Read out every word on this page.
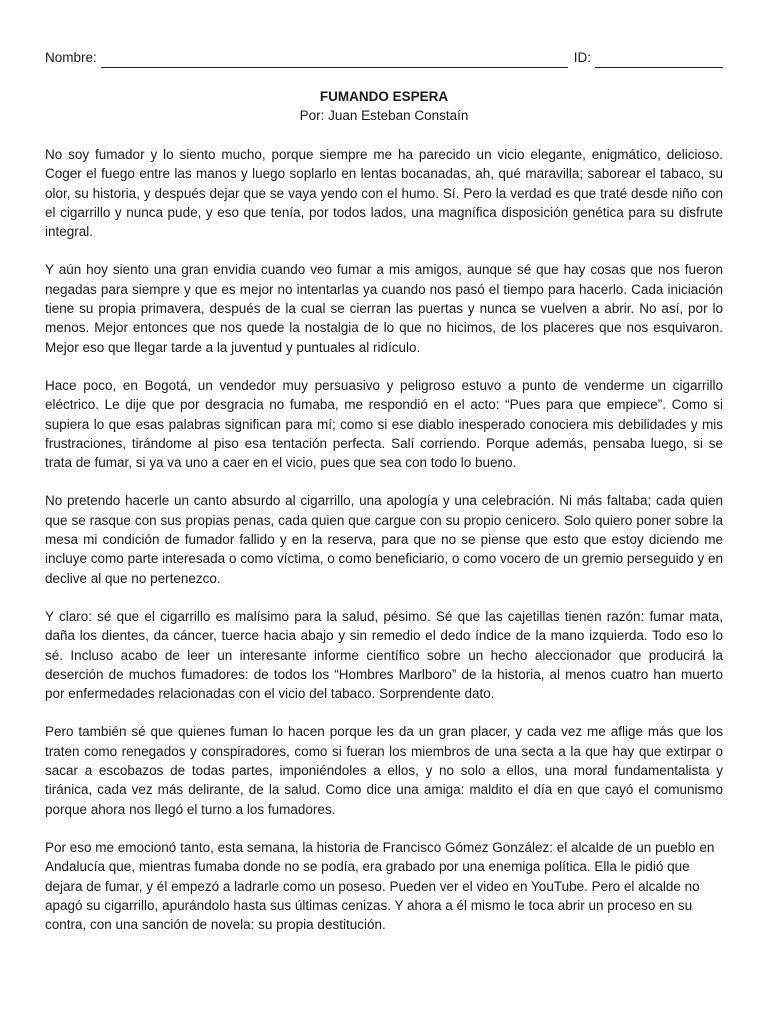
Nombre:	ID:

FUMANDO ESPERA

Por: Juan Esteban Constaín

No soy fumador y lo siento mucho, porque siempre me ha parecido un vicio elegante, enigmático, delicioso. Coger el fuego entre las manos y luego soplarlo en lentas bocanadas, ah, qué maravilla; saborear el tabaco, su olor, su historia, y después dejar que se vaya yendo con el humo. Sí. Pero la verdad es que traté desde niño con el cigarrillo y nunca pude, y eso que tenía, por todos lados, una magnífica disposición genética para su disfrute integral.

Y aún hoy siento una gran envidia cuando veo fumar a mis amigos, aunque sé que hay cosas que nos fueron negadas para siempre y que es mejor no intentarlas ya cuando nos pasó el tiempo para hacerlo. Cada iniciación tiene su propia primavera, después de la cual se cierran las puertas y nunca se vuelven a abrir. No así, por lo menos. Mejor entonces que nos quede la nostalgia de lo que no hicimos, de los placeres que nos esquivaron. Mejor eso que llegar tarde a la juventud y puntuales al ridículo.

Hace poco, en Bogotá, un vendedor muy persuasivo y peligroso estuvo a punto de venderme un cigarrillo eléctrico. Le dije que por desgracia no fumaba, me respondió en el acto: “Pues para que empiece”. Como si supiera lo que esas palabras significan para mí; como si ese diablo inesperado conociera mis debilidades y mis frustraciones, tirándome al piso esa tentación perfecta. Salí corriendo. Porque además, pensaba luego, si se trata de fumar, si ya va uno a caer en el vicio, pues que sea con todo lo bueno.

No pretendo hacerle un canto absurdo al cigarrillo, una apología y una celebración. Ni más faltaba; cada quien que se rasque con sus propias penas, cada quien que cargue con su propio cenicero. Solo quiero poner sobre la mesa mi condición de fumador fallido y en la reserva, para que no se piense que esto que estoy diciendo me incluye como parte interesada o como víctima, o como beneficiario, o como vocero de un gremio perseguido y en declive al que no pertenezco.

Y claro: sé que el cigarrillo es malísimo para la salud, pésimo. Sé que las cajetillas tienen razón: fumar mata, daña los dientes, da cáncer, tuerce hacia abajo y sin remedio el dedo índice de la mano izquierda. Todo eso lo sé. Incluso acabo de leer un interesante informe científico sobre un hecho aleccionador que producirá la deserción de muchos fumadores: de todos los “Hombres Marlboro” de la historia, al menos cuatro han muerto por enfermedades relacionadas con el vicio del tabaco. Sorprendente dato.

Pero también sé que quienes fuman lo hacen porque les da un gran placer, y cada vez me aflige más que los traten como renegados y conspiradores, como si fueran los miembros de una secta a la que hay que extirpar o sacar a escobazos de todas partes, imponiéndoles a ellos, y no solo a ellos, una moral fundamentalista y tiránica, cada vez más delirante, de la salud. Como dice una amiga: maldito el día en que cayó el comunismo porque ahora nos llegó el turno a los fumadores.

Por eso me emocionó tanto, esta semana, la historia de Francisco Gómez González: el alcalde de un pueblo en Andalucía que, mientras fumaba donde no se podía, era grabado por una enemiga política. Ella le pidió que dejara de fumar, y él empezó a ladrarle como un poseso. Pueden ver el video en YouTube. Pero el alcalde no apagó su cigarrillo, apurándolo hasta sus últimas cenizas. Y ahora a él mismo le toca abrir un proceso en su contra, con una sanción de novela: su propia destitución.
